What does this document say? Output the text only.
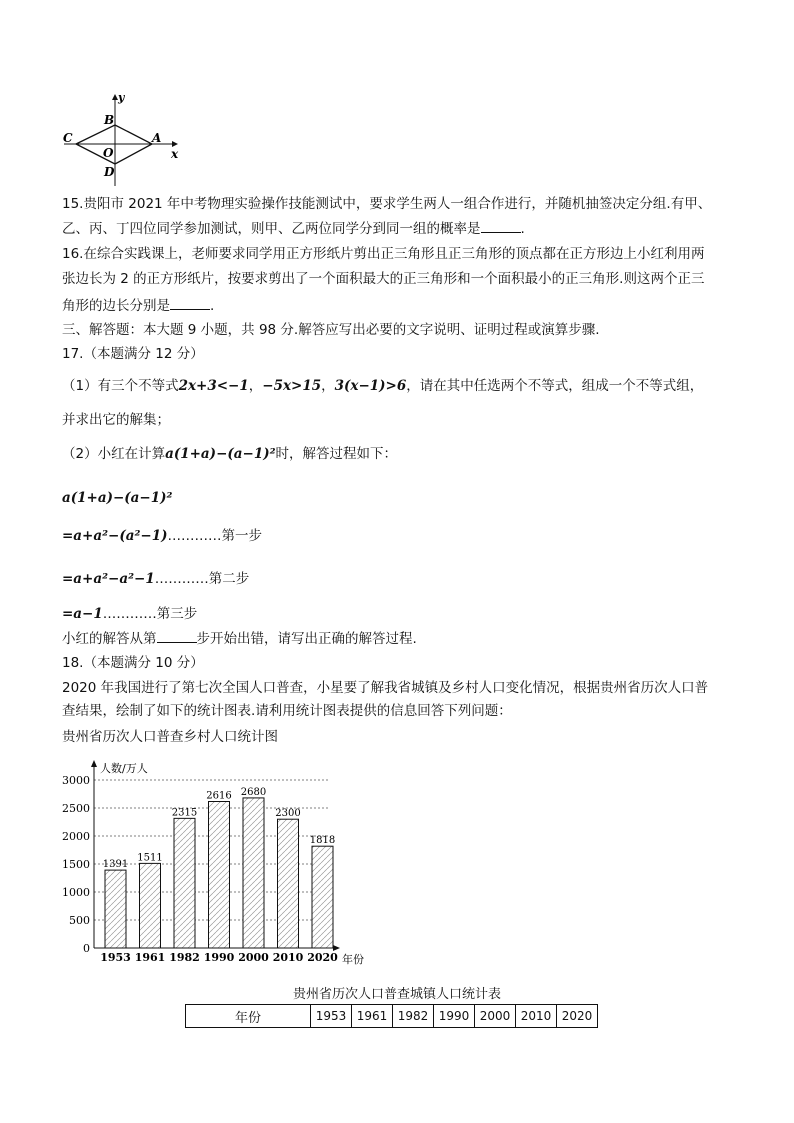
y
B
C
O
A
x
D
15.贵阳市 2021 年中考物理实验操作技能测试中，要求学生两人一组合作进行，并随机抽签决定分组.有甲、
乙、丙、丁四位同学参加测试，则甲、乙两位同学分到同一组的概率是	.
16.在综合实践课上，老师要求同学用正方形纸片剪出正三角形且正三角形的顶点都在正方形边上小红利用两
张边长为 2 的正方形纸片，按要求剪出了一个面积最大的正三角形和一个面积最小的正三角形.则这两个正三
角形的边长分别是	.
三、解答题：本大题 9 小题，共 98 分.解答应写出必要的文字说明、证明过程或演算步骤.
17.（本题满分 12 分）
（1）有三个不等式2x+3<−1，−5x>15，3(x−1)>6，请在其中任选两个不等式，组成一个不等式组，
并求出它的解集；
（2）小红在计算a(1+a)−(a−1)²时，解答过程如下：
a(1+a)−(a−1)²
=a+a²−(a²−1)…………第一步
=a+a²−a²−1…………第二步
=a−1…………第三步
小红的解答从第	步开始出错，请写出正确的解答过程.
18.（本题满分 10 分）
2020 年我国进行了第七次全国人口普查，小星要了解我省城镇及乡村人口变化情况，根据贵州省历次人口普
查结果，绘制了如下的统计图表.请利用统计图表提供的信息回答下列问题：
贵州省历次人口普查乡村人口统计图
0
500
1000
1500
2000
2500
3000
1391
1953
1511
1961
2315
1982
2616
1990
2680
2000
2300
2010
1818
2020
人数/万人
年份
贵州省历次人口普查城镇人口统计表
年份	1953	1961	1982	1990	2000	2010	2020
